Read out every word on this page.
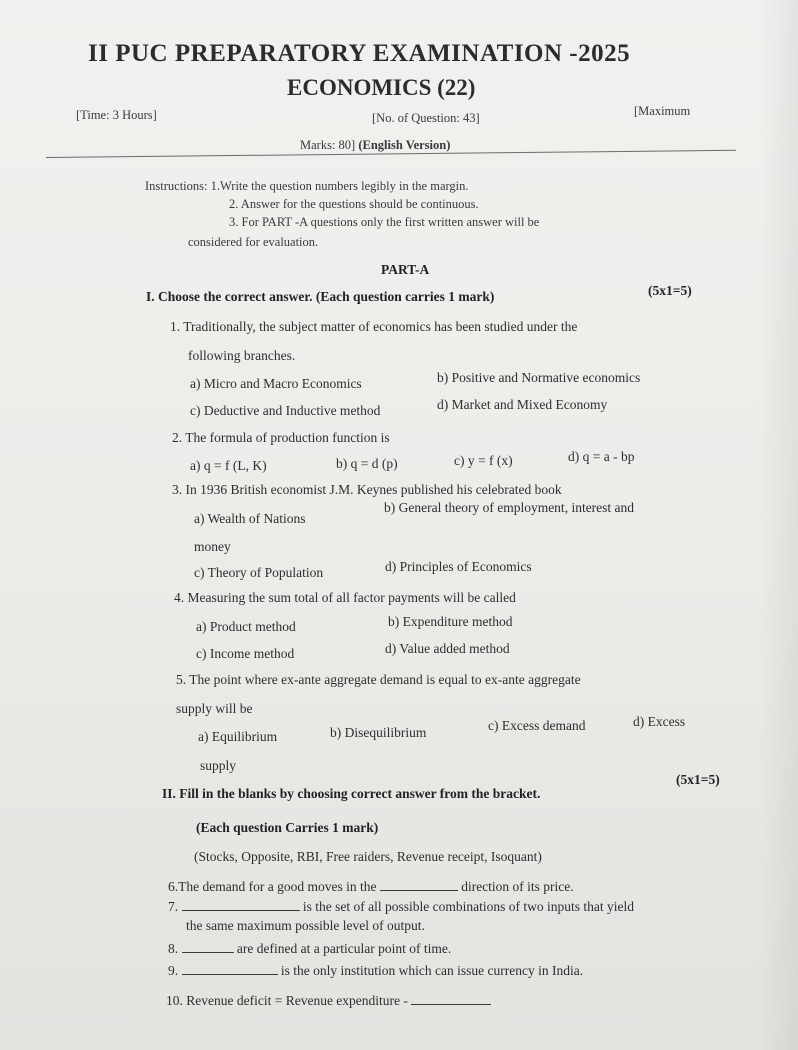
II PUC PREPARATORY EXAMINATION -2025
ECONOMICS (22)
[Time: 3 Hours]	[No. of Question: 43]	[Maximum
Marks: 80] (English Version)
Instructions: 1.Write the question numbers legibly in the margin.
2. Answer for the questions should be continuous.
3. For PART -A questions only the first written answer will be
considered for evaluation.
PART-A
I. Choose the correct answer. (Each question carries 1 mark)	(5x1=5)
1. Traditionally, the subject matter of economics has been studied under the
following branches.
a) Micro and Macro Economics	b) Positive and Normative economics
c) Deductive and Inductive method	d) Market and Mixed Economy
2. The formula of production function is
a) q = f (L, K)	b) q = d (p)	c) y = f (x)	d) q = a - bp
3. In 1936 British economist J.M. Keynes published his celebrated book
a) Wealth of Nations
b) General theory of employment, interest and
money
c) Theory of Population	d) Principles of Economics
4. Measuring the sum total of all factor payments will be called
a) Product method	b) Expenditure method
c) Income method	d) Value added method
5. The point where ex-ante aggregate demand is equal to ex-ante aggregate
supply will be
a) Equilibrium	b) Disequilibrium	c) Excess demand	d) Excess
supply
II. Fill in the blanks by choosing correct answer from the bracket.
(5x1=5)
(Each question Carries 1 mark)
(Stocks, Opposite, RBI, Free raiders, Revenue receipt, Isoquant)
6.The demand for a good moves in the	direction of its price.
7.	is the set of all possible combinations of two inputs that yield
the same maximum possible level of output.
8.	are defined at a particular point of time.
9.	is the only institution which can issue currency in India.
10. Revenue deficit = Revenue expenditure -
